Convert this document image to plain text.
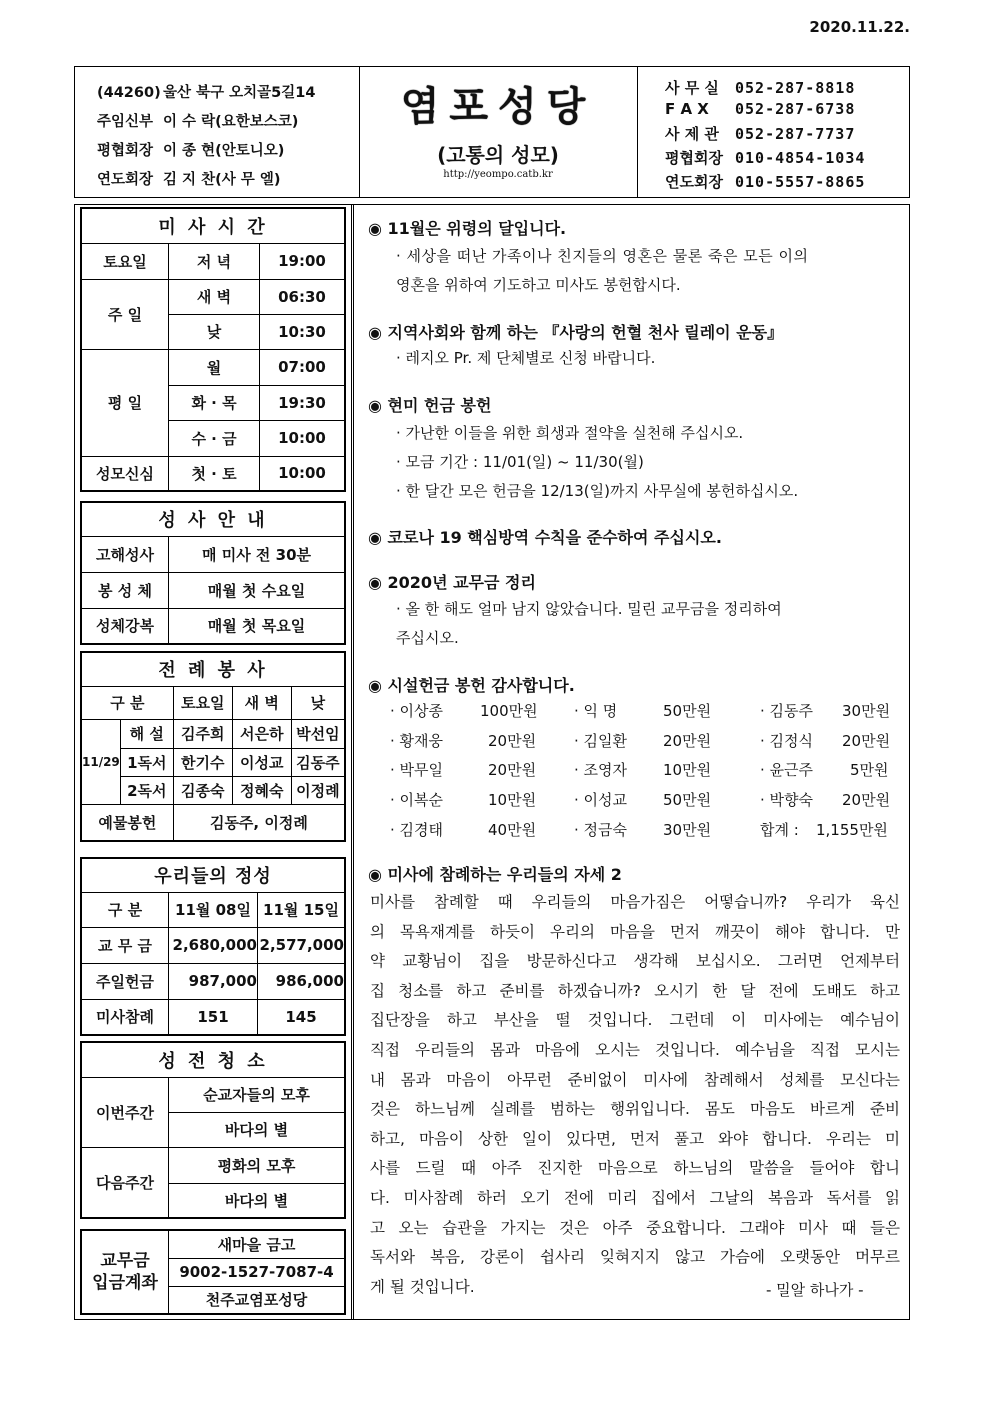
2020.11.22.
(44260) 울산 북구 오치골5길14
주임신부 이 수 락(요한보스코)
평협회장 이 종 현(안토니오)
연도회장 김 지 찬(사 무 엘)
염포성당
(고통의 성모)
http://yeompo.catb.kr
사 무 실 052-287-8818
F A X 052-287-6738
사 제 관 052-287-7737
평협회장 010-4854-1034
연도회장 010-5557-8865
미 사 시 간		
토요일	저 녁	19:00
주 일	새 벽	06:30
	낮	10:30
평 일	월	07:00
	화 · 목	19:30
	수 · 금	10:00
성모신심	첫 · 토	10:00
성 사 안 내	
고해성사	매 미사 전 30분
봉 성 체	매월 첫 수요일
성체강복	매월 첫 목요일
전 례 봉 사				
구 분		토요일	새 벽	낮
11/29	해 설	김주희	서은하	박선임
	1독서	한기수	이성교	김동주
	2독서	김종숙	정혜숙	이정례
예물봉헌		김동주, 이정례		
우리들의 정성		
구 분	11월 08일	11월 15일
교 무 금	2,680,000	2,577,000
주일헌금	987,000	986,000
미사참례	151	145
성 전 청 소	
이번주간	순교자들의 모후
	바다의 별
다음주간	평화의 모후
	바다의 별
교무금
입금계좌	새마을 금고
9002-1527-7087-4
천주교염포성당
◉ 11월은 위령의 달입니다.
· 세상을 떠난 가족이나 친지들의 영혼은 물론 죽은 모든 이의
영혼을 위하여 기도하고 미사도 봉헌합시다.
◉ 지역사회와 함께 하는 『사랑의 헌혈 천사 릴레이 운동』
· 레지오 Pr. 제 단체별로 신청 바랍니다.
◉ 현미 헌금 봉헌
· 가난한 이들을 위한 희생과 절약을 실천해 주십시오.
· 모금 기간 : 11/01(일) ~ 11/30(월)
· 한 달간 모은 헌금을 12/13(일)까지 사무실에 봉헌하십시오.
◉ 코로나 19 핵심방역 수칙을 준수하여 주십시오.
◉ 2020년 교무금 정리
· 올 한 해도 얼마 남지 않았습니다. 밀린 교무금을 정리하여
주십시오.
◉ 시설헌금 봉헌 감사합니다.
· 이상종 100만원 · 익 명	50만원	· 김동주 30만원
· 황재웅	20만원	· 김일환 20만원	· 김정식 20만원
· 박무일	20만원	· 조영자 10만원	· 윤근주 5만원
· 이복순	10만원	· 이성교 50만원	· 박향숙 20만원
· 김경태	40만원	· 정금숙 30만원	합계 : 1,155만원
◉ 미사에 참례하는 우리들의 자세 2
미사를 참례할 때 우리들의 마음가짐은 어떻습니까? 우리가 육신
의 목욕재계를 하듯이 우리의 마음을 먼저 깨끗이 해야 합니다. 만
약 교황님이 집을 방문하신다고 생각해 보십시오. 그러면 언제부터
집 청소를 하고 준비를 하겠습니까? 오시기 한 달 전에 도배도 하고
집단장을 하고 부산을 떨 것입니다. 그런데 이 미사에는 예수님이
직접 우리들의 몸과 마음에 오시는 것입니다. 예수님을 직접 모시는
내 몸과 마음이 아무런 준비없이 미사에 참례해서 성체를 모신다는
것은 하느님께 실례를 범하는 행위입니다. 몸도 마음도 바르게 준비
하고, 마음이 상한 일이 있다면, 먼저 풀고 와야 합니다. 우리는 미
사를 드릴 때 아주 진지한 마음으로 하느님의 말씀을 들어야 합니
다. 미사참례 하러 오기 전에 미리 집에서 그날의 복음과 독서를 읽
고 오는 습관을 가지는 것은 아주 중요합니다. 그래야 미사 때 들은
독서와 복음, 강론이 쉽사리 잊혀지지 않고 가슴에 오랫동안 머무르
게 될 것입니다.	- 밀알 하나가 -
